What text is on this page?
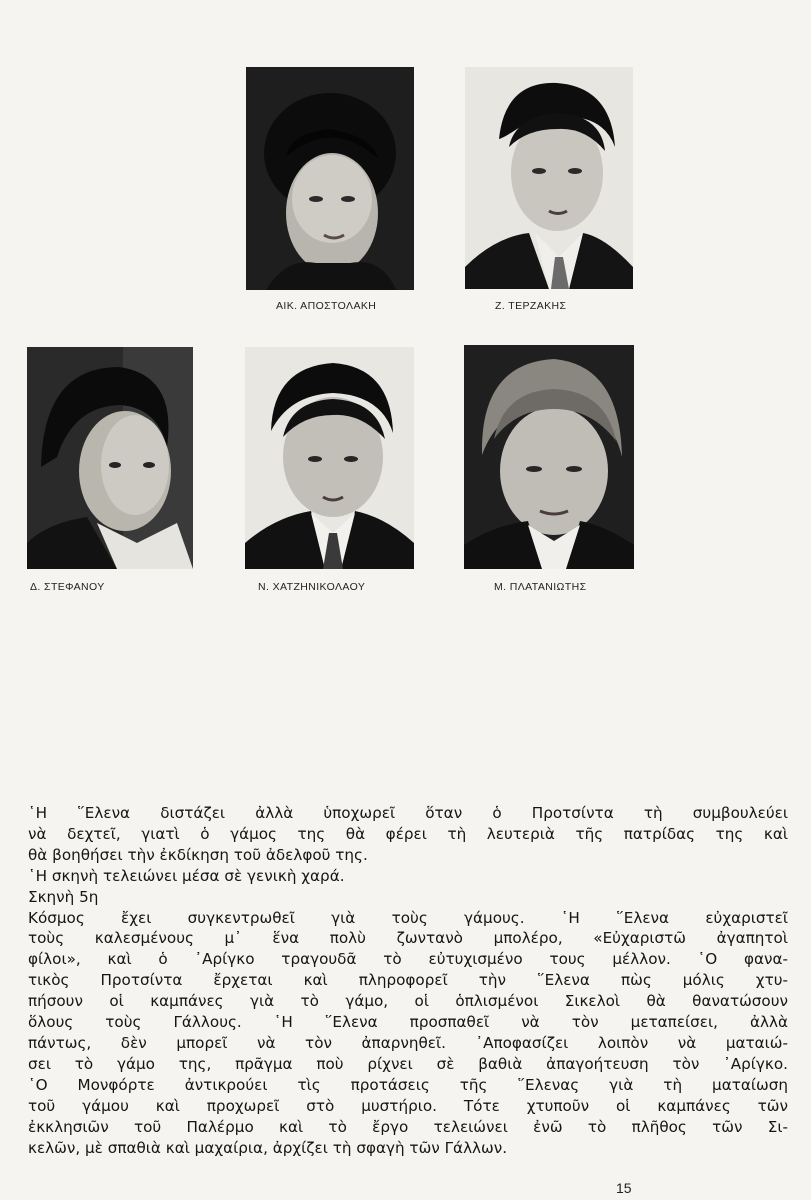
ΑΙΚ. ΑΠΟΣΤΟΛΑΚΗ	Ζ. ΤΕΡΖΑΚΗΣ
Δ. ΣΤΕΦΑΝΟΥ	Ν. ΧΑΤΖΗΝΙΚΟΛΑΟΥ	Μ. ΠΛΑΤΑΝΙΩΤΗΣ
῾Η ῞Ελενα διστάζει ἀλλὰ ὑποχωρεῖ ὅταν ὁ Προτσίντα τὴ συμβουλεύει
νὰ δεχτεῖ, γιατὶ ὁ γάμος της θὰ φέρει τὴ λευτεριὰ τῆς πατρίδας της καὶ
θὰ βοηθήσει τὴν ἐκδίκηση τοῦ ἀδελφοῦ της.
῾Η σκηνὴ τελειώνει μέσα σὲ γενικὴ χαρά.
Σκηνὴ 5η
Κόσμος ἔχει συγκεντρωθεῖ γιὰ τοὺς γάμους. ῾Η ῞Ελενα εὐχαριστεῖ
τοὺς καλεσμένους μ᾽ ἕνα πολὺ ζωντανὸ μπολέρο, «Εὐχαριστῶ ἀγαπητοὶ
φίλοι», καὶ ὁ ᾽Αρίγκο τραγουδᾶ τὸ εὐτυχισμένο τους μέλλον. ῾Ο φανα-
τικὸς Προτσίντα ἔρχεται καὶ πληροφορεῖ τὴν ῞Ελενα πὼς μόλις χτυ-
πήσουν οἱ καμπάνες γιὰ τὸ γάμο, οἱ ὁπλισμένοι Σικελοὶ θὰ θανατώσουν
ὅλους τοὺς Γάλλους. ῾Η ῞Ελενα προσπαθεῖ νὰ τὸν μεταπείσει, ἀλλὰ
πάντως, δὲν μπορεῖ νὰ τὸν ἀπαρνηθεῖ. ᾽Αποφασίζει λοιπὸν νὰ ματαιώ-
σει τὸ γάμο της, πρᾶγμα ποὺ ρίχνει σὲ βαθιὰ ἀπαγοήτευση τὸν ᾽Αρίγκο.
῾Ο Μονφόρτε ἀντικρούει τὶς προτάσεις τῆς ῞Ελενας γιὰ τὴ ματαίωση
τοῦ γάμου καὶ προχωρεῖ στὸ μυστήριο. Τότε χτυποῦν οἱ καμπάνες τῶν
ἐκκλησιῶν τοῦ Παλέρμο καὶ τὸ ἔργο τελειώνει ἐνῶ τὸ πλῆθος τῶν Σι-
κελῶν, μὲ σπαθιὰ καὶ μαχαίρια, ἀρχίζει τὴ σφαγὴ τῶν Γάλλων.
15
